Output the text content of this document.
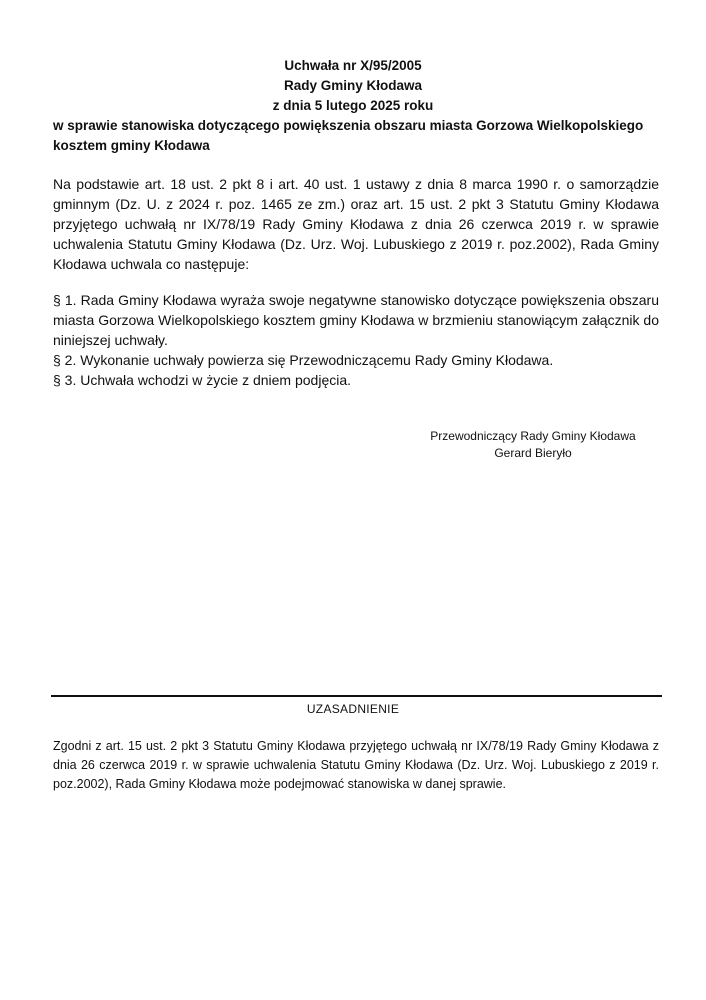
Uchwała nr X/95/2005
Rady Gminy Kłodawa
z dnia 5 lutego 2025 roku
w sprawie stanowiska dotyczącego powiększenia obszaru miasta Gorzowa Wielkopolskiego kosztem gminy Kłodawa
Na podstawie art. 18 ust. 2 pkt 8 i art. 40 ust. 1 ustawy z dnia 8 marca 1990 r. o samorządzie gminnym (Dz. U. z 2024 r. poz. 1465 ze zm.) oraz art. 15 ust. 2 pkt 3 Statutu Gminy Kłodawa przyjętego uchwałą nr IX/78/19 Rady Gminy Kłodawa z dnia 26 czerwca 2019 r. w sprawie uchwalenia Statutu Gminy Kłodawa (Dz. Urz. Woj. Lubuskiego z 2019 r. poz.2002), Rada Gminy Kłodawa uchwala co następuje:
§ 1. Rada Gminy Kłodawa wyraża swoje negatywne stanowisko dotyczące powiększenia obszaru miasta Gorzowa Wielkopolskiego kosztem gminy Kłodawa w brzmieniu stanowiącym załącznik do niniejszej uchwały.
§ 2. Wykonanie uchwały powierza się Przewodniczącemu Rady Gminy Kłodawa.
§ 3. Uchwała wchodzi w życie z dniem podjęcia.
Przewodniczący Rady Gminy Kłodawa
Gerard Bieryło
UZASADNIENIE
Zgodni z art. 15 ust. 2 pkt 3 Statutu Gminy Kłodawa przyjętego uchwałą nr IX/78/19 Rady Gminy Kłodawa z dnia 26 czerwca 2019 r. w sprawie uchwalenia Statutu Gminy Kłodawa (Dz. Urz. Woj. Lubuskiego z 2019 r. poz.2002), Rada Gminy Kłodawa może podejmować stanowiska w danej sprawie.
